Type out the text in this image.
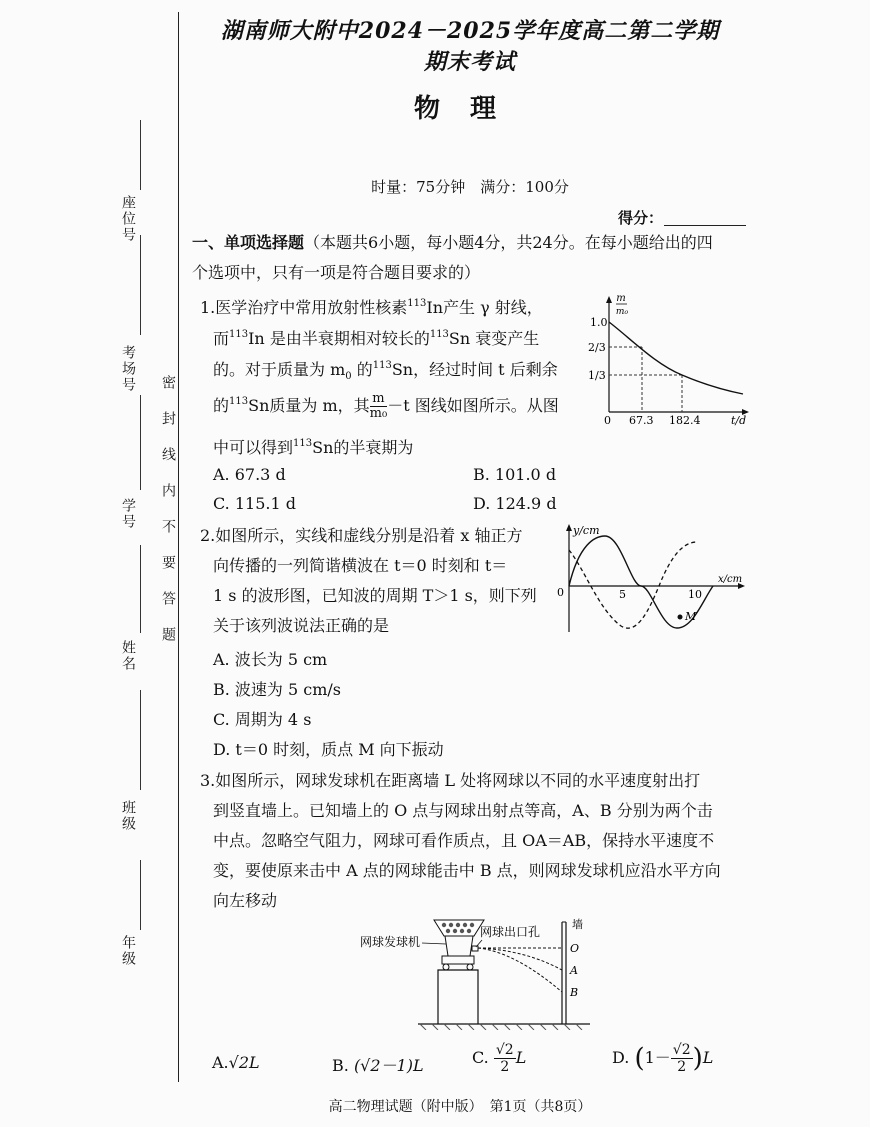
座位号
考场号
学号
姓名
班级
年级
密　封　线　内　不　要　答　题
湖南师大附中2024－2025学年度高二第二学期期末考试
物理
时量：75分钟　满分：100分
得分：
一、单项选择题（本题共6小题，每小题4分，共24分。在每小题给出的四
个选项中，只有一项是符合题目要求的）
1.医学治疗中常用放射性核素$^{113}$In产生 γ 射线，
而$^{113}$In 是由半衰期相对较长的$^{113}$Sn 衰变产生
的。对于质量为 $m_0$ 的$^{113}$Sn，经过时间 t 后剩余
的$^{113}$Sn质量为 m，其 $\frac{m}{\text{m₀}} -t$ 图线如图所示。从图
中可以得到$^{113}$Sn的半衰期为
A. 67.3 d	B. 101.0 d
C. 115.1 d	D. 124.9 d
m
m₀
1.0
2/3
1/3
0 67.3 182.4	t/d
2.如图所示，实线和虚线分别是沿着 x 轴正方
向传播的一列简谐横波在 t＝0 时刻和 t＝
1 s 的波形图，已知波的周期 T＞1 s，则下列
关于该列波说法正确的是
A. 波长为 5 cm
B. 波速为 5 cm/s
C. 周期为 4 s
D. t＝0 时刻，质点 M 向下振动
y/cm
x/cm
0	5	10
M
3.如图所示，网球发球机在距离墙 L 处将网球以不同的水平速度射出打
到竖直墙上。已知墙上的 O 点与网球出射点等高，A、B 分别为两个击
中点。忽略空气阻力，网球可看作质点，且 OA＝AB，保持水平速度不
变，要使原来击中 A 点的网球能击中 B 点，则网球发球机应沿水平方向
向左移动
墙
O
A
B
网球发球机
网球出口孔
A.√2L	B. (√2－1)L	C. $\frac{√2}{2}$ L	D. $(1- \frac{√2}{2} )L$
高二物理试题（附中版）　第1页（共8页）
